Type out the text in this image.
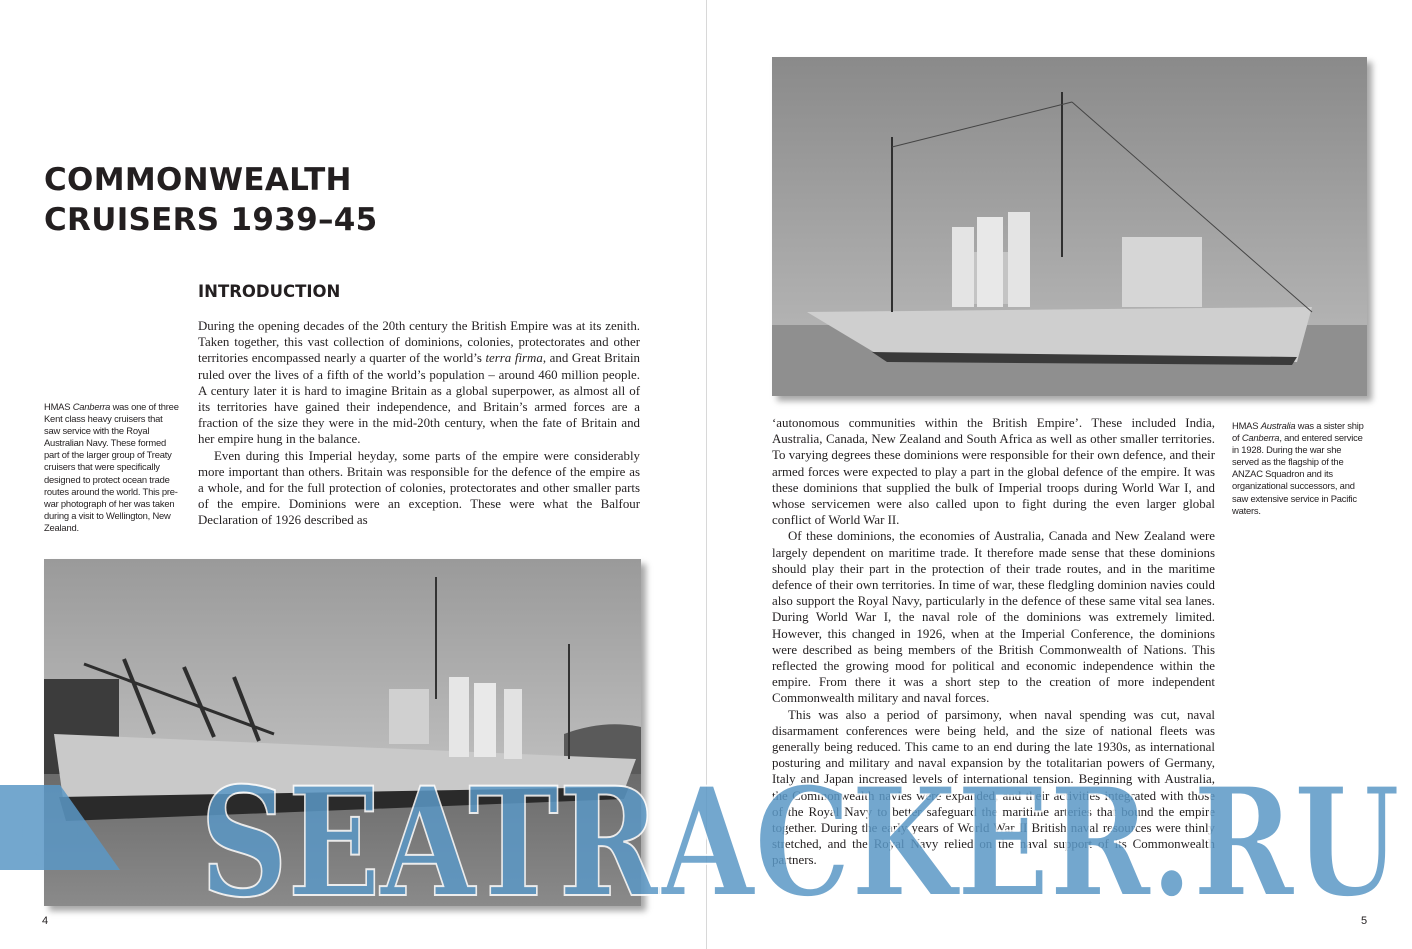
COMMONWEALTH
CRUISERS 1939–45
INTRODUCTION
HMAS Canberra was one of three Kent class heavy cruisers that saw service with the Royal Australian Navy. These formed part of the larger group of Treaty cruisers that were specifically designed to protect ocean trade routes around the world. This pre-war photograph of her was taken during a visit to Wellington, New Zealand.

During the opening decades of the 20th century the British Empire was at its zenith. Taken together, this vast collection of dominions, colonies, protectorates and other territories encompassed nearly a quarter of the world’s terra firma, and Great Britain ruled over the lives of a fifth of the world’s population – around 460 million people. A century later it is hard to imagine Britain as a global superpower, as almost all of its territories have gained their independence, and Britain’s armed forces are a fraction of the size they were in the mid-20th century, when the fate of Britain and her empire hung in the balance.

Even during this Imperial heyday, some parts of the empire were considerably more important than others. Britain was responsible for the defence of the empire as a whole, and for the full protection of colonies, protectorates and other smaller parts of the empire. Dominions were an exception. These were what the Balfour Declaration of 1926 described as

‘autonomous communities within the British Empire’. These included India, Australia, Canada, New Zealand and South Africa as well as other smaller territories. To varying degrees these dominions were responsible for their own defence, and their armed forces were expected to play a part in the global defence of the empire. It was these dominions that supplied the bulk of Imperial troops during World War I, and whose servicemen were also called upon to fight during the even larger global conflict of World War II.

Of these dominions, the economies of Australia, Canada and New Zealand were largely dependent on maritime trade. It therefore made sense that these dominions should play their part in the protection of their trade routes, and in the maritime defence of their own territories. In time of war, these fledgling dominion navies could also support the Royal Navy, particularly in the defence of these same vital sea lanes. During World War I, the naval role of the dominions was extremely limited. However, this changed in 1926, when at the Imperial Conference, the dominions were described as being members of the British Commonwealth of Nations. This reflected the growing mood for political and economic independence within the empire. From there it was a short step to the creation of more independent Commonwealth military and naval forces.

This was also a period of parsimony, when naval spending was cut, naval disarmament conferences were being held, and the size of national fleets was generally being reduced. This came to an end during the late 1930s, as international posturing and military and naval expansion by the totalitarian powers of Germany, Italy and Japan increased levels of international tension. Beginning with Australia, the Commonwealth navies were expanded, and their activities integrated with those of the Royal Navy to better safeguard the maritime arteries that bound the empire together. During the early years of World War II British naval resources were thinly stretched, and the Royal Navy relied on the naval support of its Commonwealth partners.

HMAS Australia was a sister ship of Canberra, and entered service in 1928. During the war she served as the flagship of the ANZAC Squadron and its organizational successors, and saw extensive service in Pacific waters.
4	5
SEATRACKER.RU
